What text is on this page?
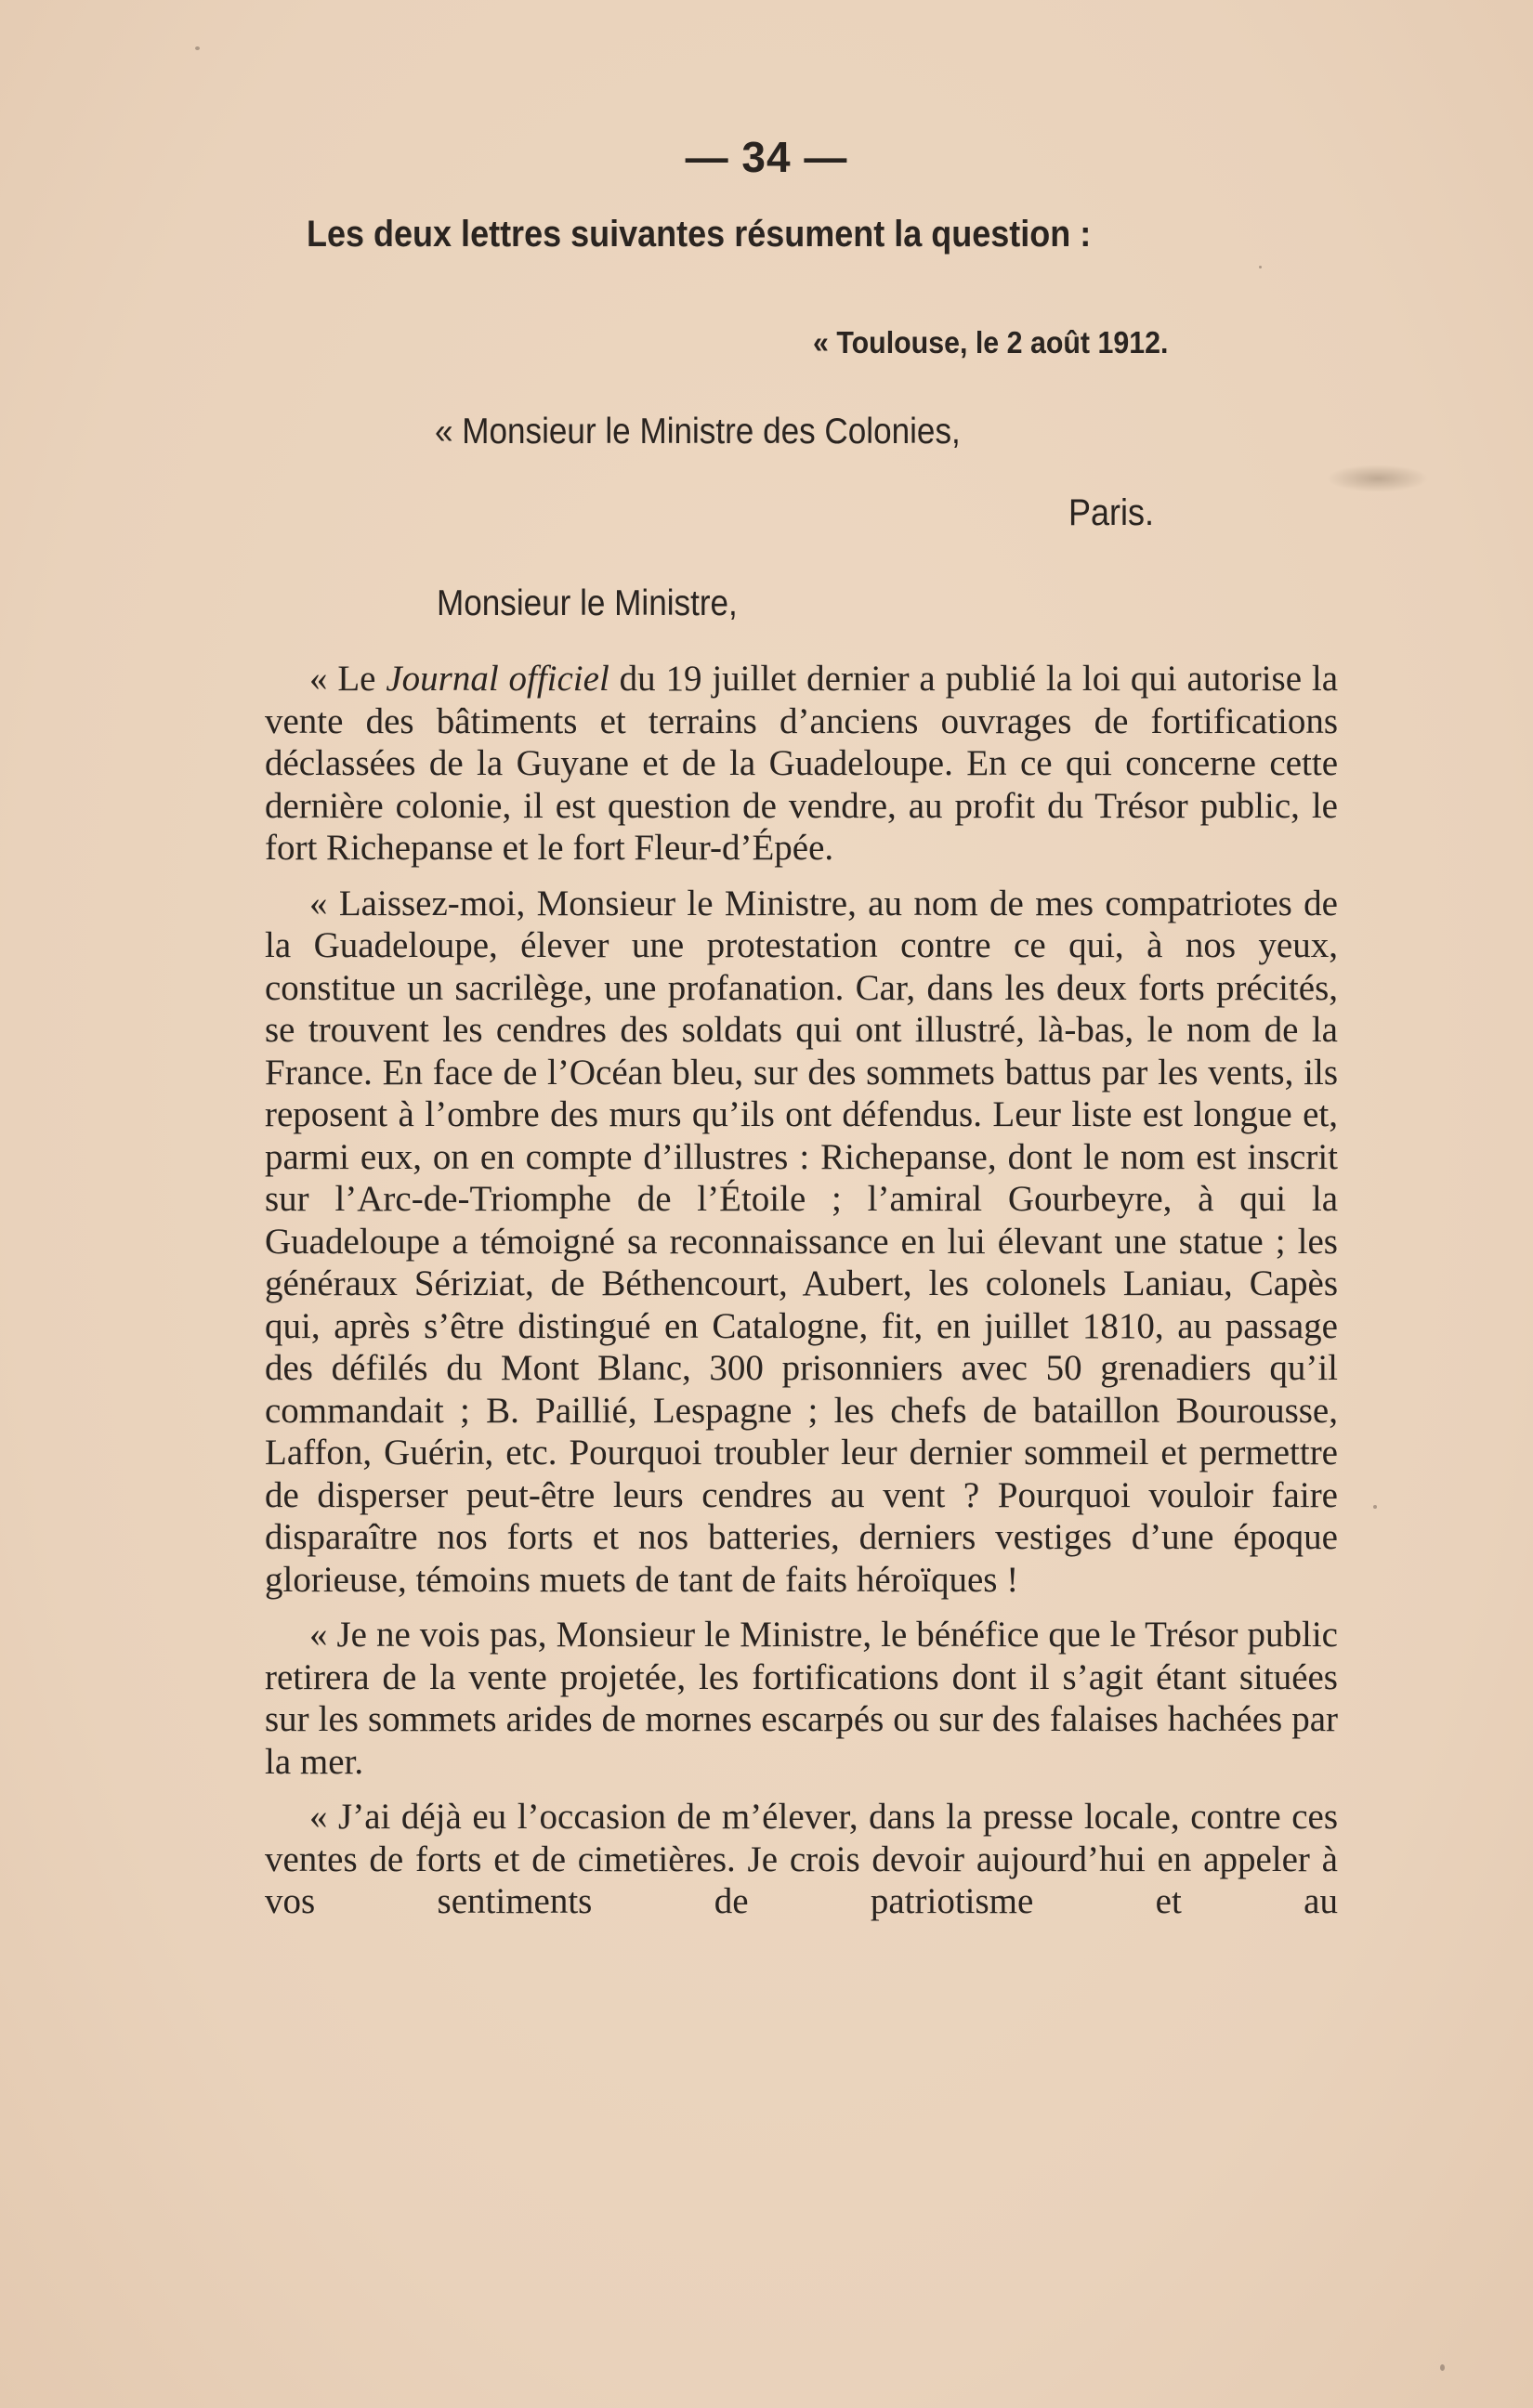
— 34 —
Les deux lettres suivantes résument la question :
« Toulouse, le 2 août 1912.
« Monsieur le Ministre des Colonies,
Paris.
Monsieur le Ministre,

« Le Journal officiel du 19 juillet dernier a publié la loi qui autorise la vente des bâtiments et terrains d’anciens ouvrages de fortifications déclassées de la Guyane et de la Guadeloupe. En ce qui concerne cette dernière colonie, il est question de vendre, au profit du Trésor public, le fort Richepanse et le fort Fleur-d’Épée.

« Laissez-moi, Monsieur le Ministre, au nom de mes compatriotes de la Guadeloupe, élever une protestation contre ce qui, à nos yeux, constitue un sacrilège, une profanation. Car, dans les deux forts précités, se trouvent les cendres des soldats qui ont illustré, là-bas, le nom de la France. En face de l’Océan bleu, sur des sommets battus par les vents, ils reposent à l’ombre des murs qu’ils ont défendus. Leur liste est longue et, parmi eux, on en compte d’illustres : Richepanse, dont le nom est inscrit sur l’Arc-de-Triomphe de l’Étoile ; l’amiral Gourbeyre, à qui la Guadeloupe a témoigné sa reconnaissance en lui élevant une statue ; les généraux Sériziat, de Béthencourt, Aubert, les colonels Laniau, Capès qui, après s’être distingué en Catalogne, fit, en juillet 1810, au passage des défilés du Mont Blanc, 300 prisonniers avec 50 grenadiers qu’il commandait ; B. Paillié, Lespagne ; les chefs de bataillon Bourousse, Laffon, Guérin, etc. Pourquoi troubler leur dernier sommeil et permettre de disperser peut-être leurs cendres au vent ? Pourquoi vouloir faire disparaître nos forts et nos batteries, derniers vestiges d’une époque glorieuse, témoins muets de tant de faits héroïques !

« Je ne vois pas, Monsieur le Ministre, le bénéfice que le Trésor public retirera de la vente projetée, les fortifications dont il s’agit étant situées sur les sommets arides de mornes escarpés ou sur des falaises hachées par la mer.

« J’ai déjà eu l’occasion de m’élever, dans la presse locale, contre ces ventes de forts et de cimetières. Je crois devoir aujourd’hui en appeler à vos sentiments de patriotisme et au
